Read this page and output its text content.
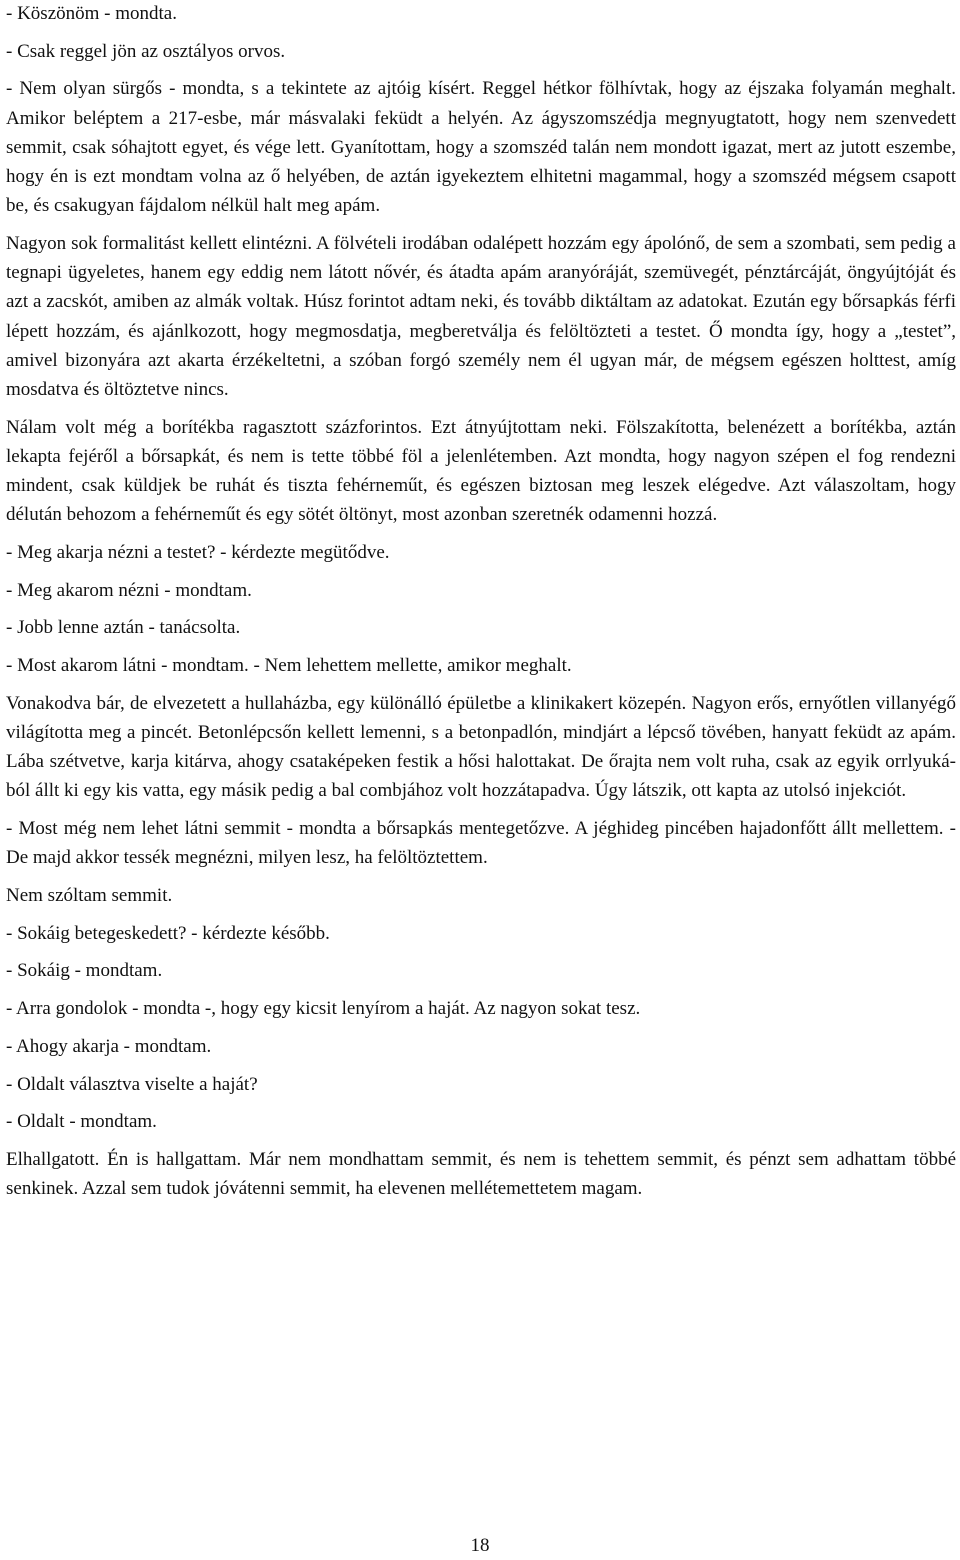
- Köszönöm - mondta.

- Csak reggel jön az osztályos orvos.

- Nem olyan sürgős - mondta, s a tekintete az ajtóig kísért. Reggel hétkor fölhívtak, hogy az éjszaka folyamán meghalt. Amikor beléptem a 217-esbe, már másvalaki feküdt a helyén. Az ágyszomszédja megnyugtatott, hogy nem szenvedett semmit, csak sóhajtott egyet, és vége lett. Gyanítottam, hogy a szomszéd talán nem mondott igazat, mert az jutott eszembe, hogy én is ezt mondtam volna az ő helyében, de aztán igyekeztem elhitetni magammal, hogy a szomszéd mégsem csapott be, és csakugyan fájdalom nélkül halt meg apám.

Nagyon sok formalitást kellett elintézni. A fölvételi irodában odalépett hozzám egy ápolónő, de sem a szombati, sem pedig a tegnapi ügyeletes, hanem egy eddig nem látott nővér, és átadta apám aranyóráját, szemüvegét, pénztárcáját, öngyújtóját és azt a zacskót, amiben az almák voltak. Húsz forintot adtam neki, és tovább diktáltam az adatokat. Ezután egy bőrsapkás férfi lépett hozzám, és ajánlkozott, hogy megmosdatja, megberetválja és felöltözteti a testet. Ő mondta így, hogy a „testet”, amivel bizonyára azt akarta érzékeltetni, a szóban forgó személy nem él ugyan már, de mégsem egészen holttest, amíg mosdatva és öltöztetve nincs.

Nálam volt még a borítékba ragasztott százforintos. Ezt átnyújtottam neki. Fölszakította, belenézett a borítékba, aztán lekapta fejéről a bőrsapkát, és nem is tette többé föl a jelenlétemben. Azt mondta, hogy nagyon szépen el fog rendezni mindent, csak küldjek be ruhát és tiszta fehérneműt, és egészen biztosan meg leszek elégedve. Azt válaszoltam, hogy délután behozom a fehérneműt és egy sötét öltönyt, most azonban szeretnék odamenni hozzá.

- Meg akarja nézni a testet? - kérdezte megütődve.

- Meg akarom nézni - mondtam.

- Jobb lenne aztán - tanácsolta.

- Most akarom látni - mondtam. - Nem lehettem mellette, amikor meghalt.

Vonakodva bár, de elvezetett a hullaházba, egy különálló épületbe a klinikakert közepén. Nagyon erős, ernyőtlen villanyégő világította meg a pincét. Betonlépcsőn kellett lemenni, s a betonpadlón, mindjárt a lépcső tövében, hanyatt feküdt az apám. Lába szétvetve, karja kitárva, ahogy csataképeken festik a hősi halottakat. De őrajta nem volt ruha, csak az egyik orrlyukából állt ki egy kis vatta, egy másik pedig a bal combjához volt hozzátapadva. Úgy látszik, ott kapta az utolsó injekciót.

- Most még nem lehet látni semmit - mondta a bőrsapkás mentegetőzve. A jéghideg pincében hajadonfőtt állt mellettem. - De majd akkor tessék megnézni, milyen lesz, ha felöltöztettem.

Nem szóltam semmit.

- Sokáig betegeskedett? - kérdezte később.

- Sokáig - mondtam.

- Arra gondolok - mondta -, hogy egy kicsit lenyírom a haját. Az nagyon sokat tesz.

- Ahogy akarja - mondtam.

- Oldalt választva viselte a haját?

- Oldalt - mondtam.

Elhallgatott. Én is hallgattam. Már nem mondhattam semmit, és nem is tehettem semmit, és pénzt sem adhattam többé senkinek. Azzal sem tudok jóvátenni semmit, ha elevenen mellétemettetem magam.

18
